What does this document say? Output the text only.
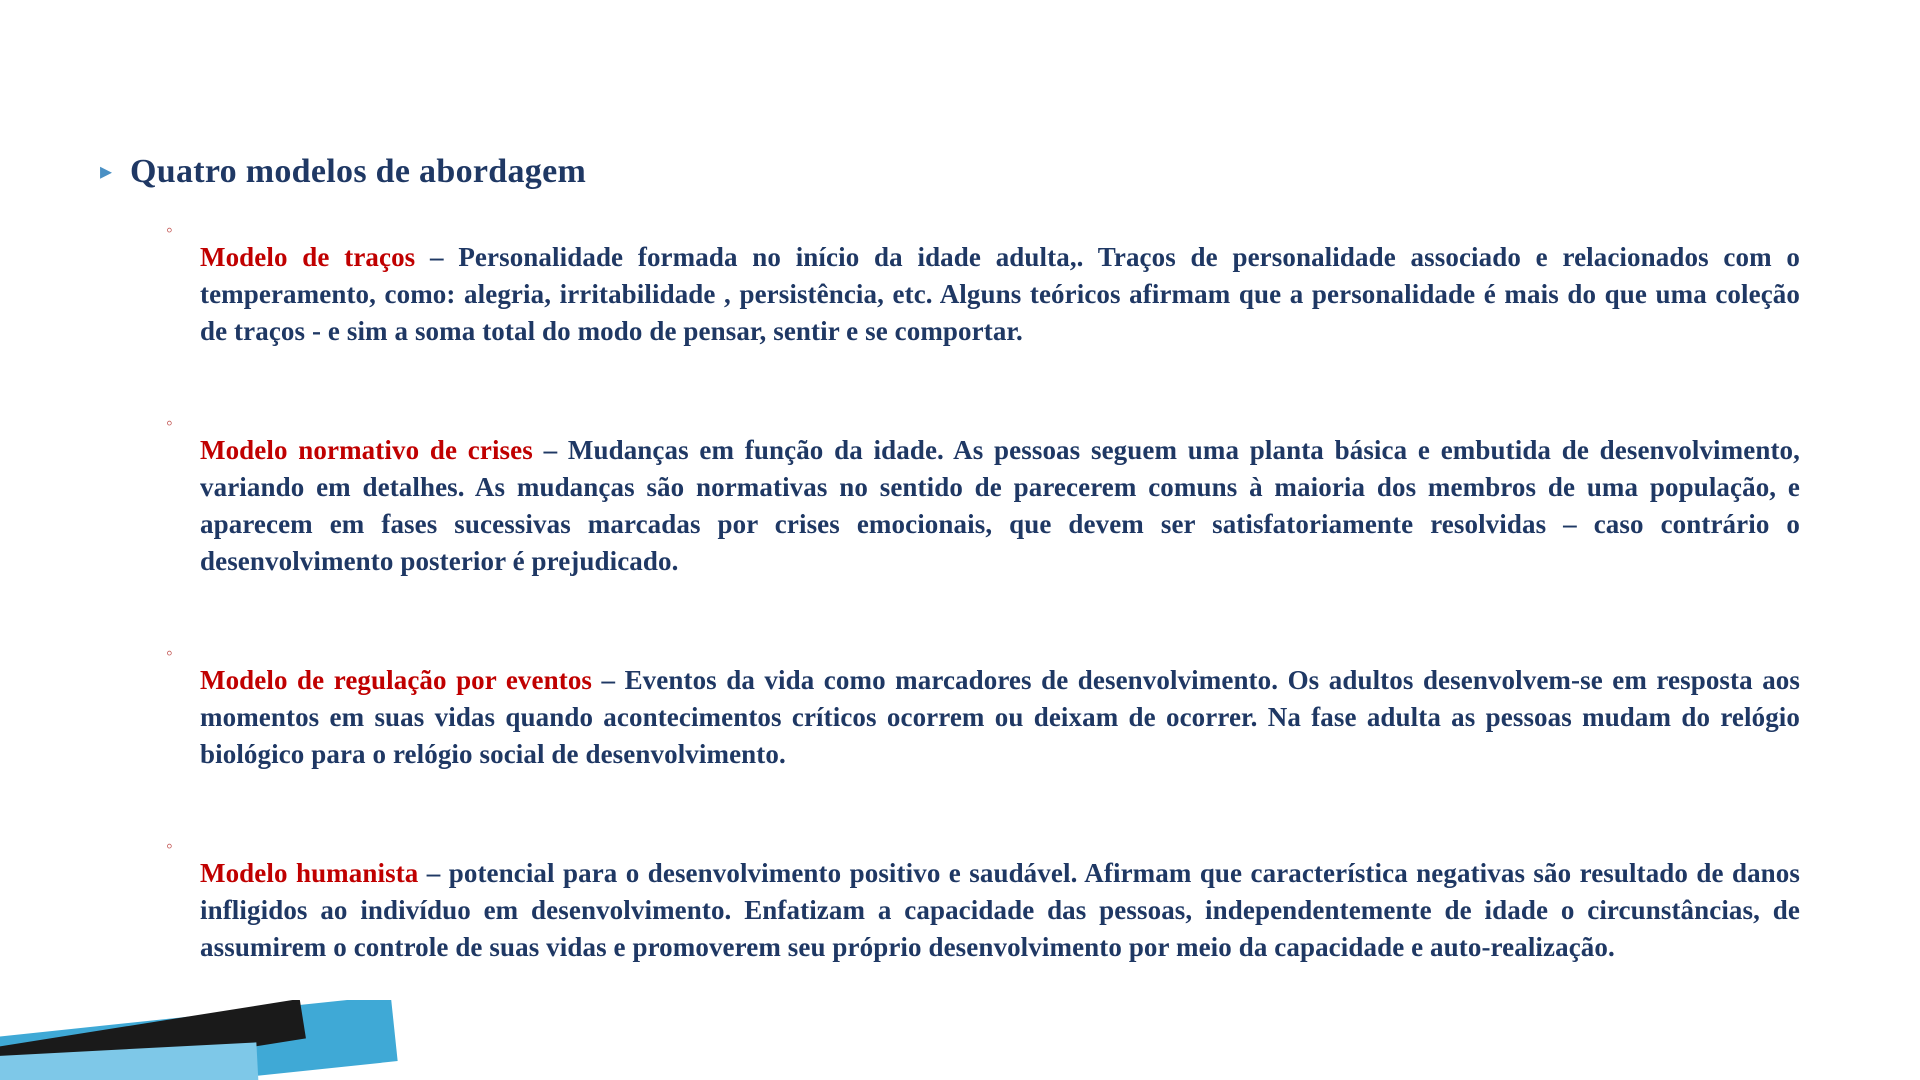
▸ Quatro modelos de abordagem
◦

Modelo de traços – Personalidade formada no início da idade adulta,. Traços de personalidade associado e relacionados com o temperamento, como: alegria, irritabilidade , persistência, etc. Alguns teóricos afirmam que a personalidade é mais do que uma coleção de traços - e sim a soma total do modo de pensar, sentir e se comportar.

◦

Modelo normativo de crises – Mudanças em função da idade. As pessoas seguem uma planta básica e embutida de desenvolvimento, variando em detalhes. As mudanças são normativas no sentido de parecerem comuns à maioria dos membros de uma população, e aparecem em fases sucessivas marcadas por crises emocionais, que devem ser satisfatoriamente resolvidas – caso contrário o desenvolvimento posterior é prejudicado.

◦

Modelo de regulação por eventos – Eventos da vida como marcadores de desenvolvimento. Os adultos desenvolvem-se em resposta aos momentos em suas vidas quando acontecimentos críticos ocorrem ou deixam de ocorrer. Na fase adulta as pessoas mudam do relógio biológico para o relógio social de desenvolvimento.

◦

Modelo humanista – potencial para o desenvolvimento positivo e saudável. Afirmam que característica negativas são resultado de danos infligidos ao indivíduo em desenvolvimento. Enfatizam a capacidade das pessoas, independentemente de idade o circunstâncias, de assumirem o controle de suas vidas e promoverem seu próprio desenvolvimento por meio da capacidade e auto-realização.
